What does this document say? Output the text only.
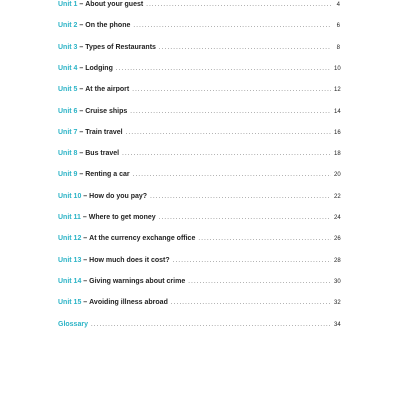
Unit 1 – About your guest .....	4
Unit 2 – On the phone .....	6
Unit 3 – Types of Restaurants .....	8
Unit 4 – Lodging .....	10
Unit 5 – At the airport .....	12
Unit 6 – Cruise ships .....	14
Unit 7 – Train travel .....	16
Unit 8 – Bus travel .....	18
Unit 9 – Renting a car .....	20
Unit 10 – How do you pay? .....	22
Unit 11 – Where to get money .....	24
Unit 12 – At the currency exchange office .....	26
Unit 13 – How much does it cost? .....	28
Unit 14 – Giving warnings about crime .....	30
Unit 15 – Avoiding illness abroad .....	32
Glossary .....	34
